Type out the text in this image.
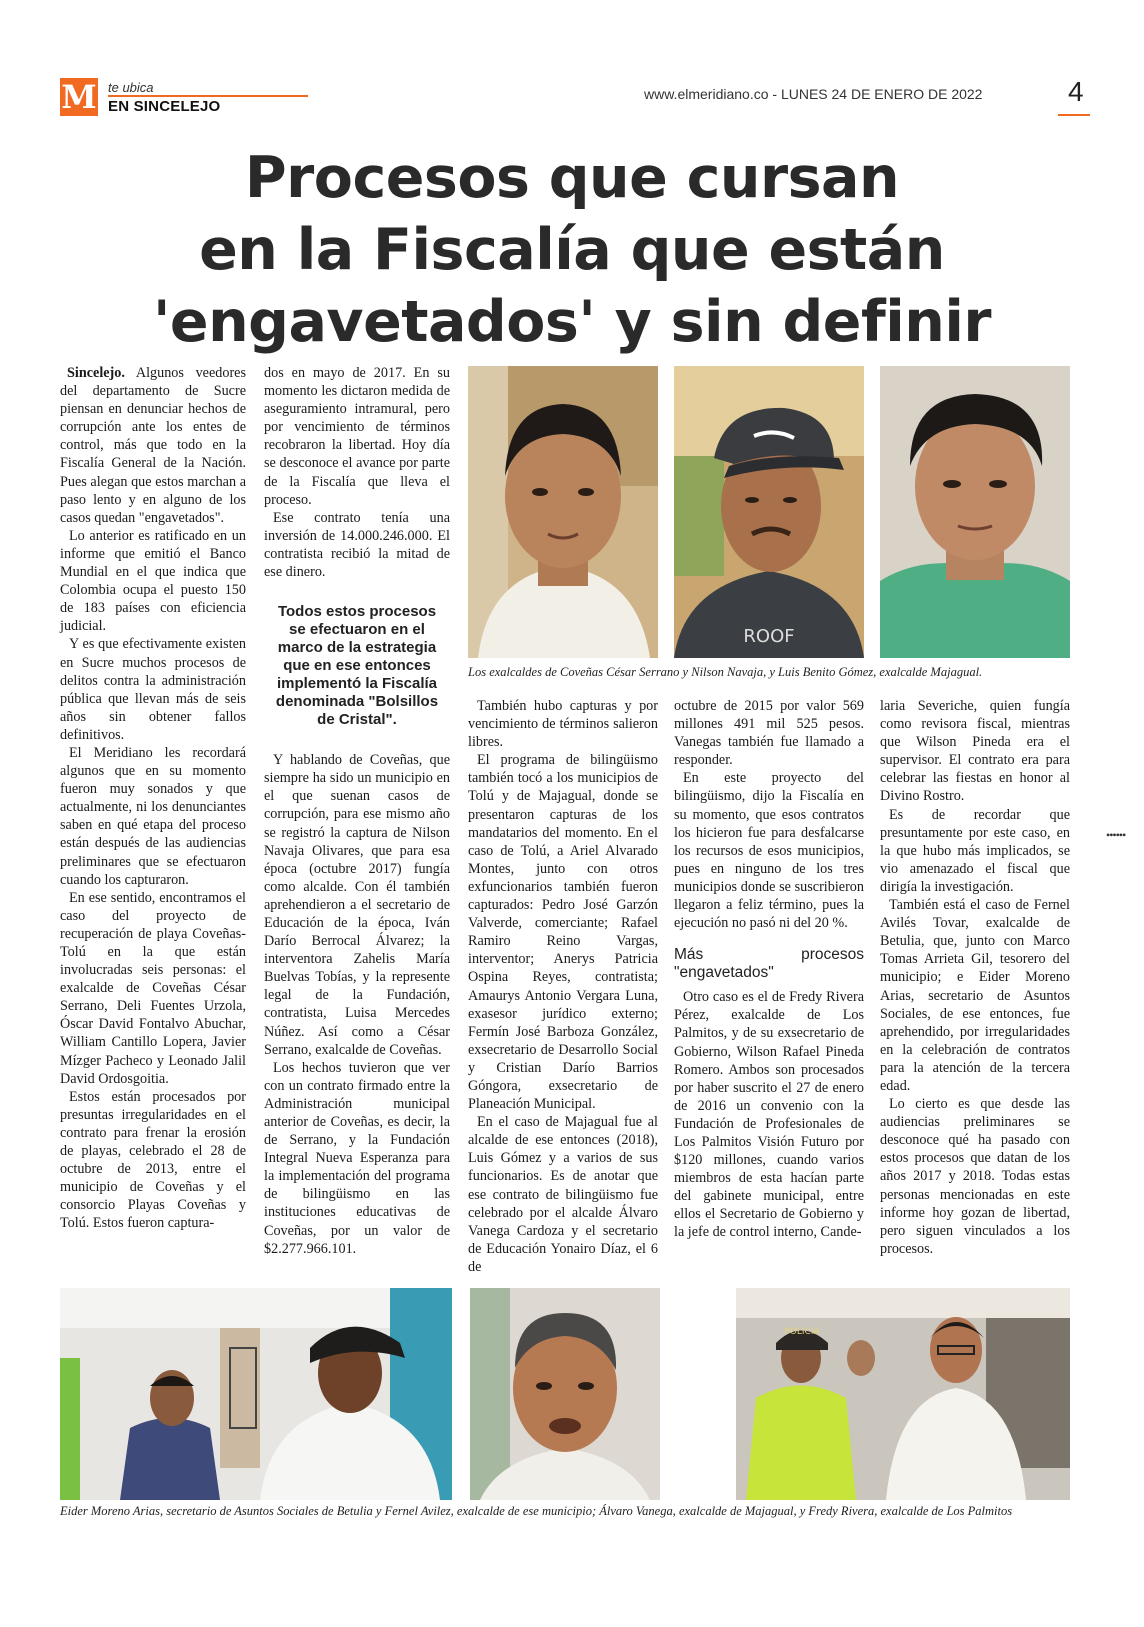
M te ubica
EN SINCELEJO
www.elmeridiano.co - LUNES 24 DE ENERO DE 2022	4
Procesos que cursan
en la Fiscalía que están
'engavetados' y sin definir

Sincelejo. Algunos veedores del departamento de Sucre piensan en denunciar hechos de corrupción ante los entes de control, más que todo en la Fiscalía General de la Nación. Pues alegan que estos marchan a paso lento y en alguno de los casos quedan "engavetados".

Lo anterior es ratificado en un informe que emitió el Banco Mundial en el que indica que Colombia ocupa el puesto 150 de 183 países con eficiencia judicial.

Y es que efectivamente existen en Sucre muchos procesos de delitos contra la administración pública que llevan más de seis años sin obtener fallos definitivos.

El Meridiano les recordará algunos que en su momento fueron muy sonados y que actualmente, ni los denunciantes saben en qué etapa del proceso están después de las audiencias preliminares que se efectuaron cuando los capturaron.

En ese sentido, encontramos el caso del proyecto de recuperación de playa Coveñas- Tolú en la que están involucradas seis personas: el exalcalde de Coveñas César Serrano, Deli Fuentes Urzola, Óscar David Fontalvo Abuchar, William Cantillo Lopera, Javier Mízger Pacheco y Leonado Jalil David Ordosgoitia.

Estos están procesados por presuntas irregularidades en el contrato para frenar la erosión de playas, celebrado el 28 de octubre de 2013, entre el municipio de Coveñas y el consorcio Playas Coveñas y Tolú. Estos fueron captura-

dos en mayo de 2017. En su momento les dictaron medida de aseguramiento intramural, pero por vencimiento de términos recobraron la libertad. Hoy día se desconoce el avance por parte de la Fiscalía que lleva el proceso.

Ese contrato tenía una inversión de 14.000.246.000. El contratista recibió la mitad de ese dinero.

Todos estos procesos se efectuaron en el marco de la estrategia que en ese entonces implementó la Fiscalía denominada "Bolsillos de Cristal".

Y hablando de Coveñas, que siempre ha sido un municipio en el que suenan casos de corrupción, para ese mismo año se registró la captura de Nilson Navaja Olivares, que para esa época (octubre 2017) fungía como alcalde. Con él también aprehendieron a el secretario de Educación de la época, Iván Darío Berrocal Álvarez; la interventora Zahelis María Buelvas Tobías, y la represente legal de la Fundación, contratista, Luisa Mercedes Núñez. Así como a César Serrano, exalcalde de Coveñas.

Los hechos tuvieron que ver con un contrato firmado entre la Administración municipal anterior de Coveñas, es decir, la de Serrano, y la Fundación Integral Nueva Esperanza para la implementación del programa de bilingüismo en las instituciones educativas de Coveñas, por un valor de $2.277.966.101.

ROOF
Los exalcaldes de Coveñas César Serrano y Nilson Navaja, y Luis Benito Gómez, exalcalde Majagual.

También hubo capturas y por vencimiento de términos salieron libres.

El programa de bilingüismo también tocó a los municipios de Tolú y de Majagual, donde se presentaron capturas de los mandatarios del momento. En el caso de Tolú, a Ariel Alvarado Montes, junto con otros exfuncionarios también fueron capturados: Pedro José Garzón Valverde, comerciante; Rafael Ramiro Reino Vargas, interventor; Anerys Patricia Ospina Reyes, contratista; Amaurys Antonio Vergara Luna, exasesor jurídico externo; Fermín José Barboza González, exsecretario de Desarrollo Social y Cristian Darío Barrios Góngora, exsecretario de Planeación Municipal.

En el caso de Majagual fue al alcalde de ese entonces (2018), Luis Gómez y a varios de sus funcionarios. Es de anotar que ese contrato de bilingüismo fue celebrado por el alcalde Álvaro Vanega Cardoza y el secretario de Educación Yonairo Díaz, el 6 de

octubre de 2015 por valor 569 millones 491 mil 525 pesos. Vanegas también fue llamado a responder.

En este proyecto del bilingüismo, dijo la Fiscalía en su momento, que esos contratos los hicieron fue para desfalcarse los recursos de esos municipios, pues en ninguno de los tres municipios donde se suscribieron llegaron a feliz término, pues la ejecución no pasó ni del 20 %.

Más procesos "engavetados"

Otro caso es el de Fredy Rivera Pérez, exalcalde de Los Palmitos, y de su exsecretario de Gobierno, Wilson Rafael Pineda Romero. Ambos son procesados por haber suscrito el 27 de enero de 2016 un convenio con la Fundación de Profesionales de Los Palmitos Visión Futuro por $120 millones, cuando varios miembros de esta hacían parte del gabinete municipal, entre ellos el Secretario de Gobierno y la jefe de control interno, Cande-

laria Severiche, quien fungía como revisora fiscal, mientras que Wilson Pineda era el supervisor. El contrato era para celebrar las fiestas en honor al Divino Rostro.

Es de recordar que presuntamente por este caso, en la que hubo más implicados, se vio amenazado el fiscal que dirigía la investigación.

También está el caso de Fernel Avilés Tovar, exalcalde de Betulia, que, junto con Marco Tomas Arrieta Gil, tesorero del municipio; e Eider Moreno Arias, secretario de Asuntos Sociales, de ese entonces, fue aprehendido, por irregularidades en la celebración de contratos para la atención de la tercera edad.

Lo cierto es que desde las audiencias preliminares se desconoce qué ha pasado con estos procesos que datan de los años 2017 y 2018. Todas estas personas mencionadas en este informe hoy gozan de libertad, pero siguen vinculados a los procesos.

••••••
POLICIA
Eider Moreno Arias, secretario de Asuntos Sociales de Betulia y Fernel Avilez, exalcalde de ese municipio; Álvaro Vanega, exalcalde de Majagual, y Fredy Rivera, exalcalde de Los Palmitos
